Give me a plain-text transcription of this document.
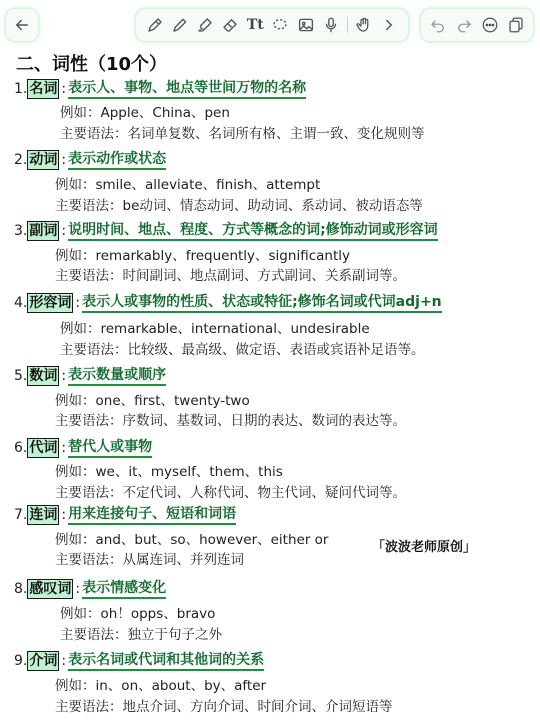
Tt
二、词性（10个）
1. 名词 : 表示人、事物、地点等世间万物的名称
例如：Apple、China、pen
主要语法：名词单复数、名词所有格、主谓一致、变化规则等
2. 动词 : 表示动作或状态
例如：smile、alleviate、finish、attempt
主要语法：be动词、情态动词、助动词、系动词、被动语态等
3. 副词 : 说明时间、地点、程度、方式等概念的词;修饰动词或形容词
例如：remarkably、frequently、significantly
主要语法：时间副词、地点副词、方式副词、关系副词等。
4. 形容词 : 表示人或事物的性质、状态或特征;修饰名词或代词adj+n
例如：remarkable、international、undesirable
主要语法：比较级、最高级、做定语、表语或宾语补足语等。
5. 数词 : 表示数量或顺序
例如：one、first、twenty-two
主要语法：序数词、基数词、日期的表达、数词的表达等。
6. 代词 : 替代人或事物
例如：we、it、myself、them、this
主要语法：不定代词、人称代词、物主代词、疑问代词等。
7. 连词 : 用来连接句子、短语和词语
例如：and、but、so、however、either or
主要语法：从属连词、并列连词
「波波老师原创」
8. 感叹词 : 表示情感变化
例如：oh！opps、bravo
主要语法：独立于句子之外
9. 介词 : 表示名词或代词和其他词的关系
例如：in、on、about、by、after
主要语法：地点介词、方向介词、时间介词、介词短语等
